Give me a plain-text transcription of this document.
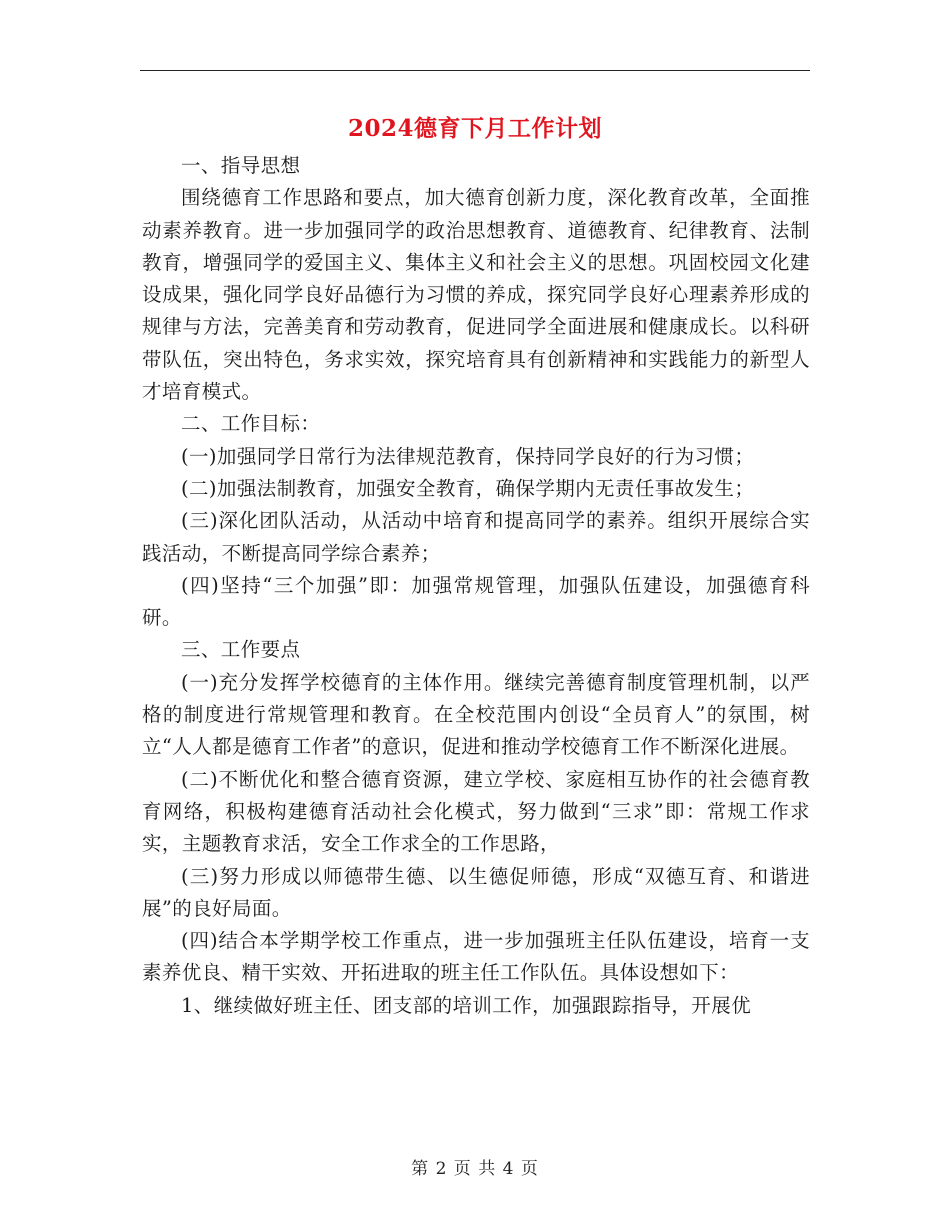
2024德育下月工作计划

一、指导思想

围绕德育工作思路和要点，加大德育创新力度，深化教育改革，全面推动素养教育。进一步加强同学的政治思想教育、道德教育、纪律教育、法制教育，增强同学的爱国主义、集体主义和社会主义的思想。巩固校园文化建设成果，强化同学良好品德行为习惯的养成，探究同学良好心理素养形成的规律与方法，完善美育和劳动教育，促进同学全面进展和健康成长。以科研带队伍，突出特色，务求实效，探究培育具有创新精神和实践能力的新型人才培育模式。

二、工作目标：

(一)加强同学日常行为法律规范教育，保持同学良好的行为习惯；

(二)加强法制教育，加强安全教育，确保学期内无责任事故发生；

(三)深化团队活动，从活动中培育和提高同学的素养。组织开展综合实践活动，不断提高同学综合素养；

(四)坚持“三个加强”即：加强常规管理，加强队伍建设，加强德育科研。

三、工作要点

(一)充分发挥学校德育的主体作用。继续完善德育制度管理机制，以严格的制度进行常规管理和教育。在全校范围内创设“全员育人”的氛围，树立“人人都是德育工作者”的意识，促进和推动学校德育工作不断深化进展。

(二)不断优化和整合德育资源，建立学校、家庭相互协作的社会德育教育网络，积极构建德育活动社会化模式，努力做到“三求”即：常规工作求实，主题教育求活，安全工作求全的工作思路，

(三)努力形成以师德带生德、以生德促师德，形成“双德互育、和谐进展”的良好局面。

(四)结合本学期学校工作重点，进一步加强班主任队伍建设，培育一支素养优良、精干实效、开拓进取的班主任工作队伍。具体设想如下：

1、继续做好班主任、团支部的培训工作，加强跟踪指导，开展优

第 2 页 共 4 页
